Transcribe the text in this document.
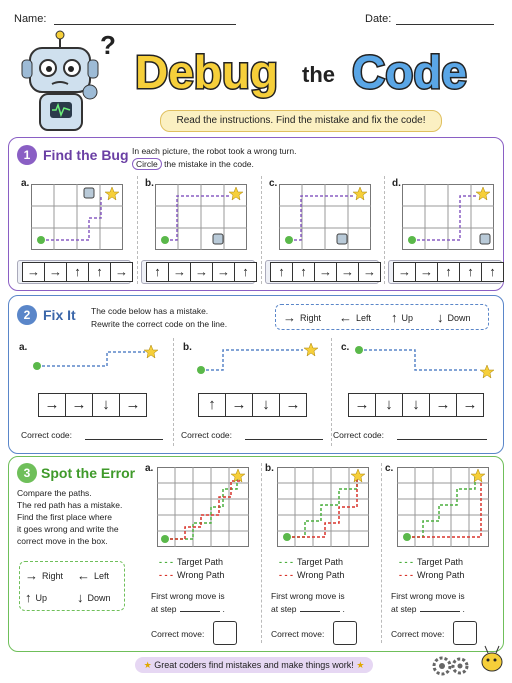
Name:	Date:
?
Debug the Code
Read the instructions. Find the mistake and fix the code!
1 Find the Bug In each picture, the robot took a wrong turn.
Circle the mistake in the code.
a.
→ → ↑	↑ →
b.
↑ → → → ↑
c.
↑	↑ → → →
d.
→ → ↑	↑	↑
2 Fix It The code below has a mistake.
Rewrite the correct code on the line.	→ Right ← Left ↑ Up ↓ Down
a.
→ →	↓	→
Correct code:
b.
↑	→	↓	→
Correct code:
c.
→	↓	↓	→ →
Correct code:
3 Spot the Error
Compare the paths.
The red path has a mistake.
Find the first place where
it goes wrong and write the
correct move in the box.
→ Right ← Left
↑ Up ↓ Down
a.
- - - Target Path
- - - Wrong Path
First wrong move is
at step	.
Correct move:
b.
- - - Target Path
- - - Wrong Path
First wrong move is
at step	.
Correct move:
c.
- - - Target Path
- - - Wrong Path
First wrong move is
at step	.
Correct move:
★ Great coders find mistakes and make things work! ★
